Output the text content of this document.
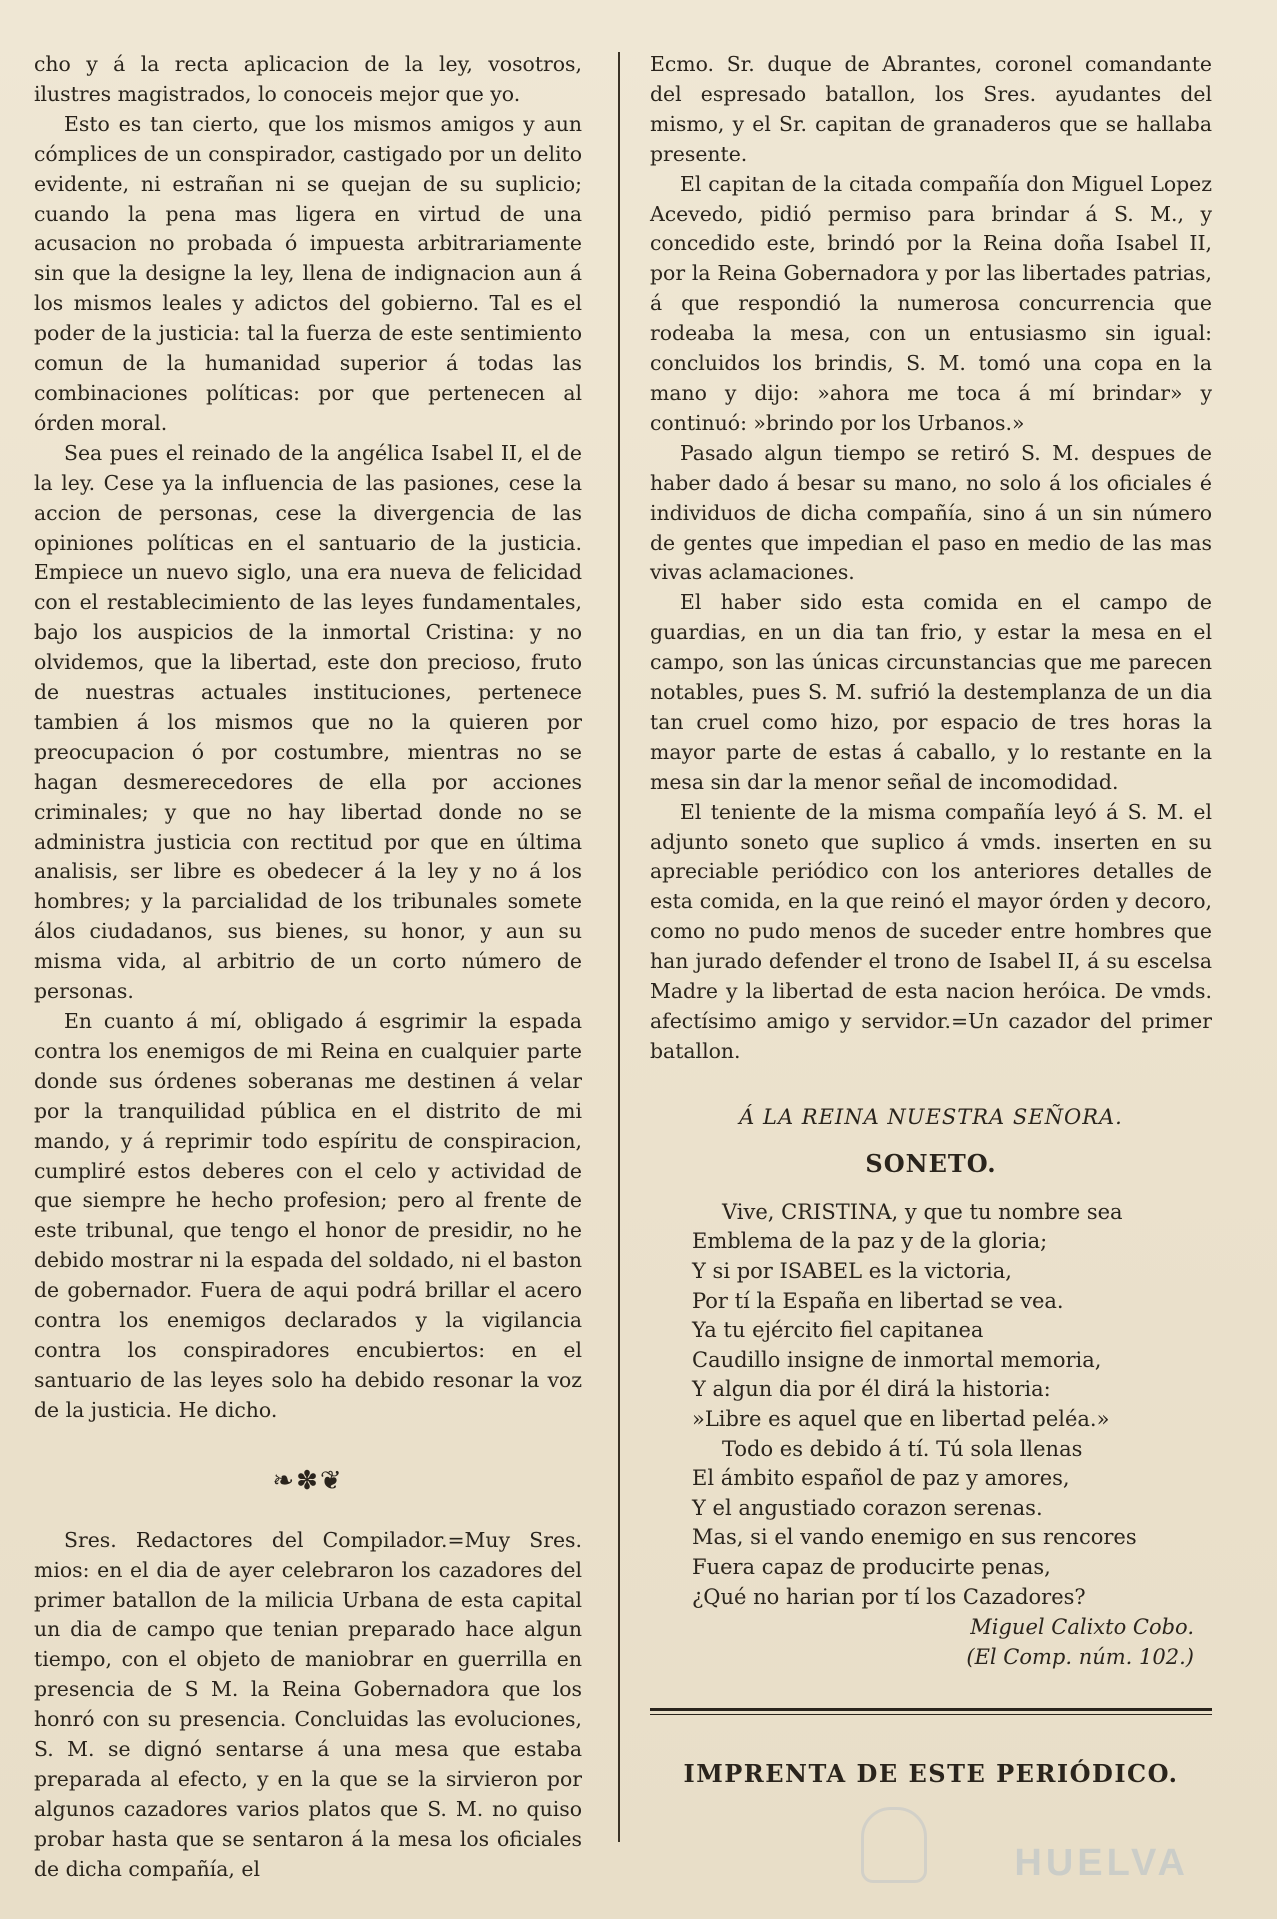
cho y á la recta aplicacion de la ley, vosotros, ilustres magistrados, lo conoceis mejor que yo.

Esto es tan cierto, que los mismos amigos y aun cómplices de un conspirador, castigado por un delito evidente, ni estrañan ni se quejan de su suplicio; cuando la pena mas ligera en virtud de una acusacion no probada ó impuesta arbitrariamente sin que la designe la ley, llena de indignacion aun á los mismos leales y adictos del gobierno. Tal es el poder de la justicia: tal la fuerza de este sentimiento comun de la humanidad superior á todas las combinaciones políticas: por que pertenecen al órden moral.

Sea pues el reinado de la angélica Isabel II, el de la ley. Cese ya la influencia de las pasiones, cese la accion de personas, cese la divergencia de las opiniones políticas en el santuario de la justicia. Empiece un nuevo siglo, una era nueva de felicidad con el restablecimiento de las leyes fundamentales, bajo los auspicios de la inmortal Cristina: y no olvidemos, que la libertad, este don precioso, fruto de nuestras actuales instituciones, pertenece tambien á los mismos que no la quieren por preocupacion ó por costumbre, mientras no se hagan desmerecedores de ella por acciones criminales; y que no hay libertad donde no se administra justicia con rectitud por que en última analisis, ser libre es obedecer á la ley y no á los hombres; y la parcialidad de los tribunales somete álos ciudadanos, sus bienes, su honor, y aun su misma vida, al arbitrio de un corto número de personas.

En cuanto á mí, obligado á esgrimir la espada contra los enemigos de mi Reina en cualquier parte donde sus órdenes soberanas me destinen á velar por la tranquilidad pública en el distrito de mi mando, y á reprimir todo espíritu de conspiracion, cumpliré estos deberes con el celo y actividad de que siempre he hecho profesion; pero al frente de este tribunal, que tengo el honor de presidir, no he debido mostrar ni la espada del soldado, ni el baston de gobernador. Fuera de aqui podrá brillar el acero contra los enemigos declarados y la vigilancia contra los conspiradores encubiertos: en el santuario de las leyes solo ha debido resonar la voz de la justicia. He dicho.

❧✽❦

Sres. Redactores del Compilador.=Muy Sres. mios: en el dia de ayer celebraron los cazadores del primer batallon de la milicia Urbana de esta capital un dia de campo que tenian preparado hace algun tiempo, con el objeto de maniobrar en guerrilla en presencia de S M. la Reina Gobernadora que los honró con su presencia. Concluidas las evoluciones, S. M. se dignó sentarse á una mesa que estaba preparada al efecto, y en la que se la sirvieron por algunos cazadores varios platos que S. M. no quiso probar hasta que se sentaron á la mesa los oficiales de dicha compañía, el

Ecmo. Sr. duque de Abrantes, coronel comandante del espresado batallon, los Sres. ayudantes del mismo, y el Sr. capitan de granaderos que se hallaba presente.

El capitan de la citada compañía don Miguel Lopez Acevedo, pidió permiso para brindar á S. M., y concedido este, brindó por la Reina doña Isabel II, por la Reina Gobernadora y por las libertades patrias, á que respondió la numerosa concurrencia que rodeaba la mesa, con un entusiasmo sin igual: concluidos los brindis, S. M. tomó una copa en la mano y dijo: »ahora me toca á mí brindar» y continuó: »brindo por los Urbanos.»

Pasado algun tiempo se retiró S. M. despues de haber dado á besar su mano, no solo á los oficiales é individuos de dicha compañía, sino á un sin número de gentes que impedian el paso en medio de las mas vivas aclamaciones.

El haber sido esta comida en el campo de guardias, en un dia tan frio, y estar la mesa en el campo, son las únicas circunstancias que me parecen notables, pues S. M. sufrió la destemplanza de un dia tan cruel como hizo, por espacio de tres horas la mayor parte de estas á caballo, y lo restante en la mesa sin dar la menor señal de incomodidad.

El teniente de la misma compañía leyó á S. M. el adjunto soneto que suplico á vmds. inserten en su apreciable periódico con los anteriores detalles de esta comida, en la que reinó el mayor órden y decoro, como no pudo menos de suceder entre hombres que han jurado defender el trono de Isabel II, á su escelsa Madre y la libertad de esta nacion heróica. De vmds. afectísimo amigo y servidor.=Un cazador del primer batallon.

Á LA REINA NUESTRA SEÑORA.
SONETO.
Vive, CRISTINA, y que tu nombre sea
Emblema de la paz y de la gloria;
Y si por ISABEL es la victoria,
Por tí la España en libertad se vea.
Ya tu ejército fiel capitanea
Caudillo insigne de inmortal memoria,
Y algun dia por él dirá la historia:
»Libre es aquel que en libertad peléa.»
Todo es debido á tí. Tú sola llenas
El ámbito español de paz y amores,
Y el angustiado corazon serenas.
Mas, si el vando enemigo en sus rencores
Fuera capaz de producirte penas,
¿Qué no harian por tí los Cazadores?
Miguel Calixto Cobo.
(El Comp. núm. 102.)
IMPRENTA DE ESTE PERIÓDICO.
HUELVA
